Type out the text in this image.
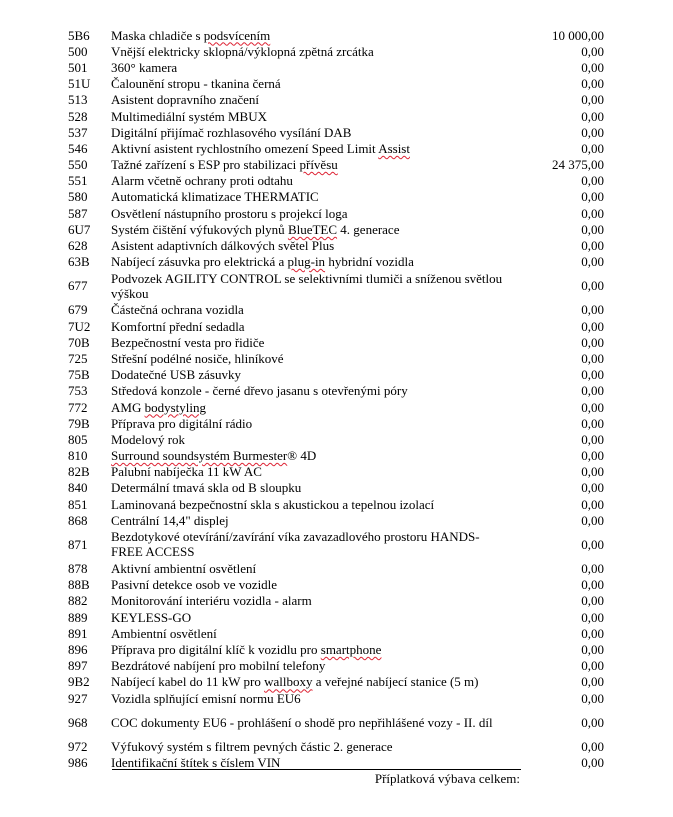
5B6	Maska chladiče s podsvícením	10 000,00
500	Vnější elektricky sklopná/výklopná zpětná zrcátka	0,00
501	360° kamera	0,00
51U	Čalounění stropu - tkanina černá	0,00
513	Asistent dopravního značení	0,00
528	Multimediální systém MBUX	0,00
537	Digitální přijímač rozhlasového vysílání DAB	0,00
546	Aktivní asistent rychlostního omezení Speed Limit Assist	0,00
550	Tažné zařízení s ESP pro stabilizaci přívěsu	24 375,00
551	Alarm včetně ochrany proti odtahu	0,00
580	Automatická klimatizace THERMATIC	0,00
587	Osvětlení nástupního prostoru s projekcí loga	0,00
6U7	Systém čištění výfukových plynů BlueTEC 4. generace	0,00
628	Asistent adaptivních dálkových světel Plus	0,00
63B	Nabíjecí zásuvka pro elektrická a plug-in hybridní vozidla	0,00
677	Podvozek AGILITY CONTROL se selektivními tlumiči a sníženou světlou výškou	0,00
679	Částečná ochrana vozidla	0,00
7U2	Komfortní přední sedadla	0,00
70B	Bezpečnostní vesta pro řidiče	0,00
725	Střešní podélné nosiče, hliníkové	0,00
75B	Dodatečné USB zásuvky	0,00
753	Středová konzole - černé dřevo jasanu s otevřenými póry	0,00
772	AMG bodystyling	0,00
79B	Příprava pro digitální rádio	0,00
805	Modelový rok	0,00
810	Surround soundsystém Burmester® 4D	0,00
82B	Palubní nabíječka 11 kW AC	0,00
840	Determální tmavá skla od B sloupku	0,00
851	Laminovaná bezpečnostní skla s akustickou a tepelnou izolací	0,00
868	Centrální 14,4" displej	0,00
871	Bezdotykové otevírání/zavírání víka zavazadlového prostoru HANDS-FREE ACCESS	0,00
878	Aktivní ambientní osvětlení	0,00
88B	Pasivní detekce osob ve vozidle	0,00
882	Monitorování interiéru vozidla - alarm	0,00
889	KEYLESS-GO	0,00
891	Ambientní osvětlení	0,00
896	Příprava pro digitální klíč k vozidlu pro smartphone	0,00
897	Bezdrátové nabíjení pro mobilní telefony	0,00
9B2	Nabíjecí kabel do 11 kW pro wallboxy a veřejné nabíjecí stanice (5 m)	0,00
927	Vozidla splňující emisní normu EU6	0,00
968	COC dokumenty EU6 - prohlášení o shodě pro nepřihlášené vozy - II. díl	0,00
972	Výfukový systém s filtrem pevných částic 2. generace	0,00
986	Identifikační štítek s číslem VIN	0,00
Příplatková výbava celkem:
